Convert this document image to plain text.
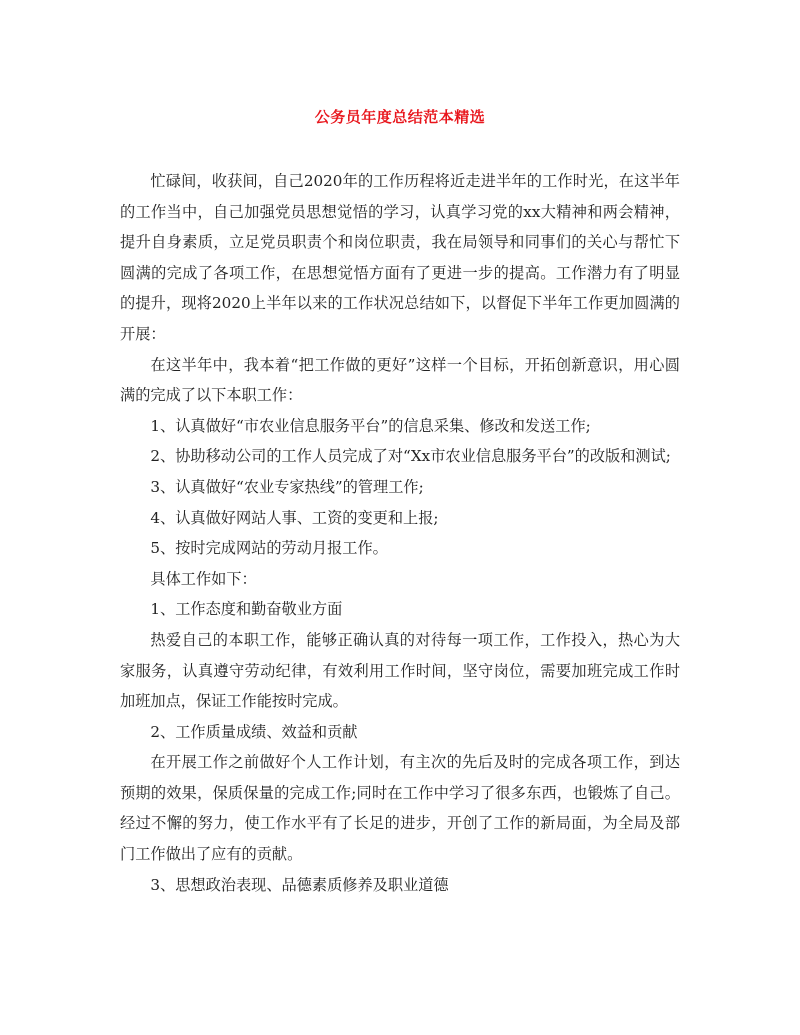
公务员年度总结范本精选

忙碌间，收获间，自己2020年的工作历程将近走进半年的工作时光，在这半年的工作当中，自己加强党员思想觉悟的学习，认真学习党的xx大精神和两会精神，提升自身素质，立足党员职责个和岗位职责，我在局领导和同事们的关心与帮忙下圆满的完成了各项工作，在思想觉悟方面有了更进一步的提高。工作潜力有了明显的提升，现将2020上半年以来的工作状况总结如下，以督促下半年工作更加圆满的开展：

在这半年中，我本着“把工作做的更好”这样一个目标，开拓创新意识，用心圆满的完成了以下本职工作：

1、认真做好“市农业信息服务平台”的信息采集、修改和发送工作;

2、协助移动公司的工作人员完成了对“Xx市农业信息服务平台”的改版和测试;

3、认真做好“农业专家热线”的管理工作;

4、认真做好网站人事、工资的变更和上报;

5、按时完成网站的劳动月报工作。

具体工作如下：

1、工作态度和勤奋敬业方面

热爱自己的本职工作，能够正确认真的对待每一项工作，工作投入，热心为大家服务，认真遵守劳动纪律，有效利用工作时间，坚守岗位，需要加班完成工作时加班加点，保证工作能按时完成。

2、工作质量成绩、效益和贡献

在开展工作之前做好个人工作计划，有主次的先后及时的完成各项工作，到达预期的效果，保质保量的完成工作;同时在工作中学习了很多东西，也锻炼了自己。经过不懈的努力，使工作水平有了长足的进步，开创了工作的新局面，为全局及部门工作做出了应有的贡献。

3、思想政治表现、品德素质修养及职业道德
